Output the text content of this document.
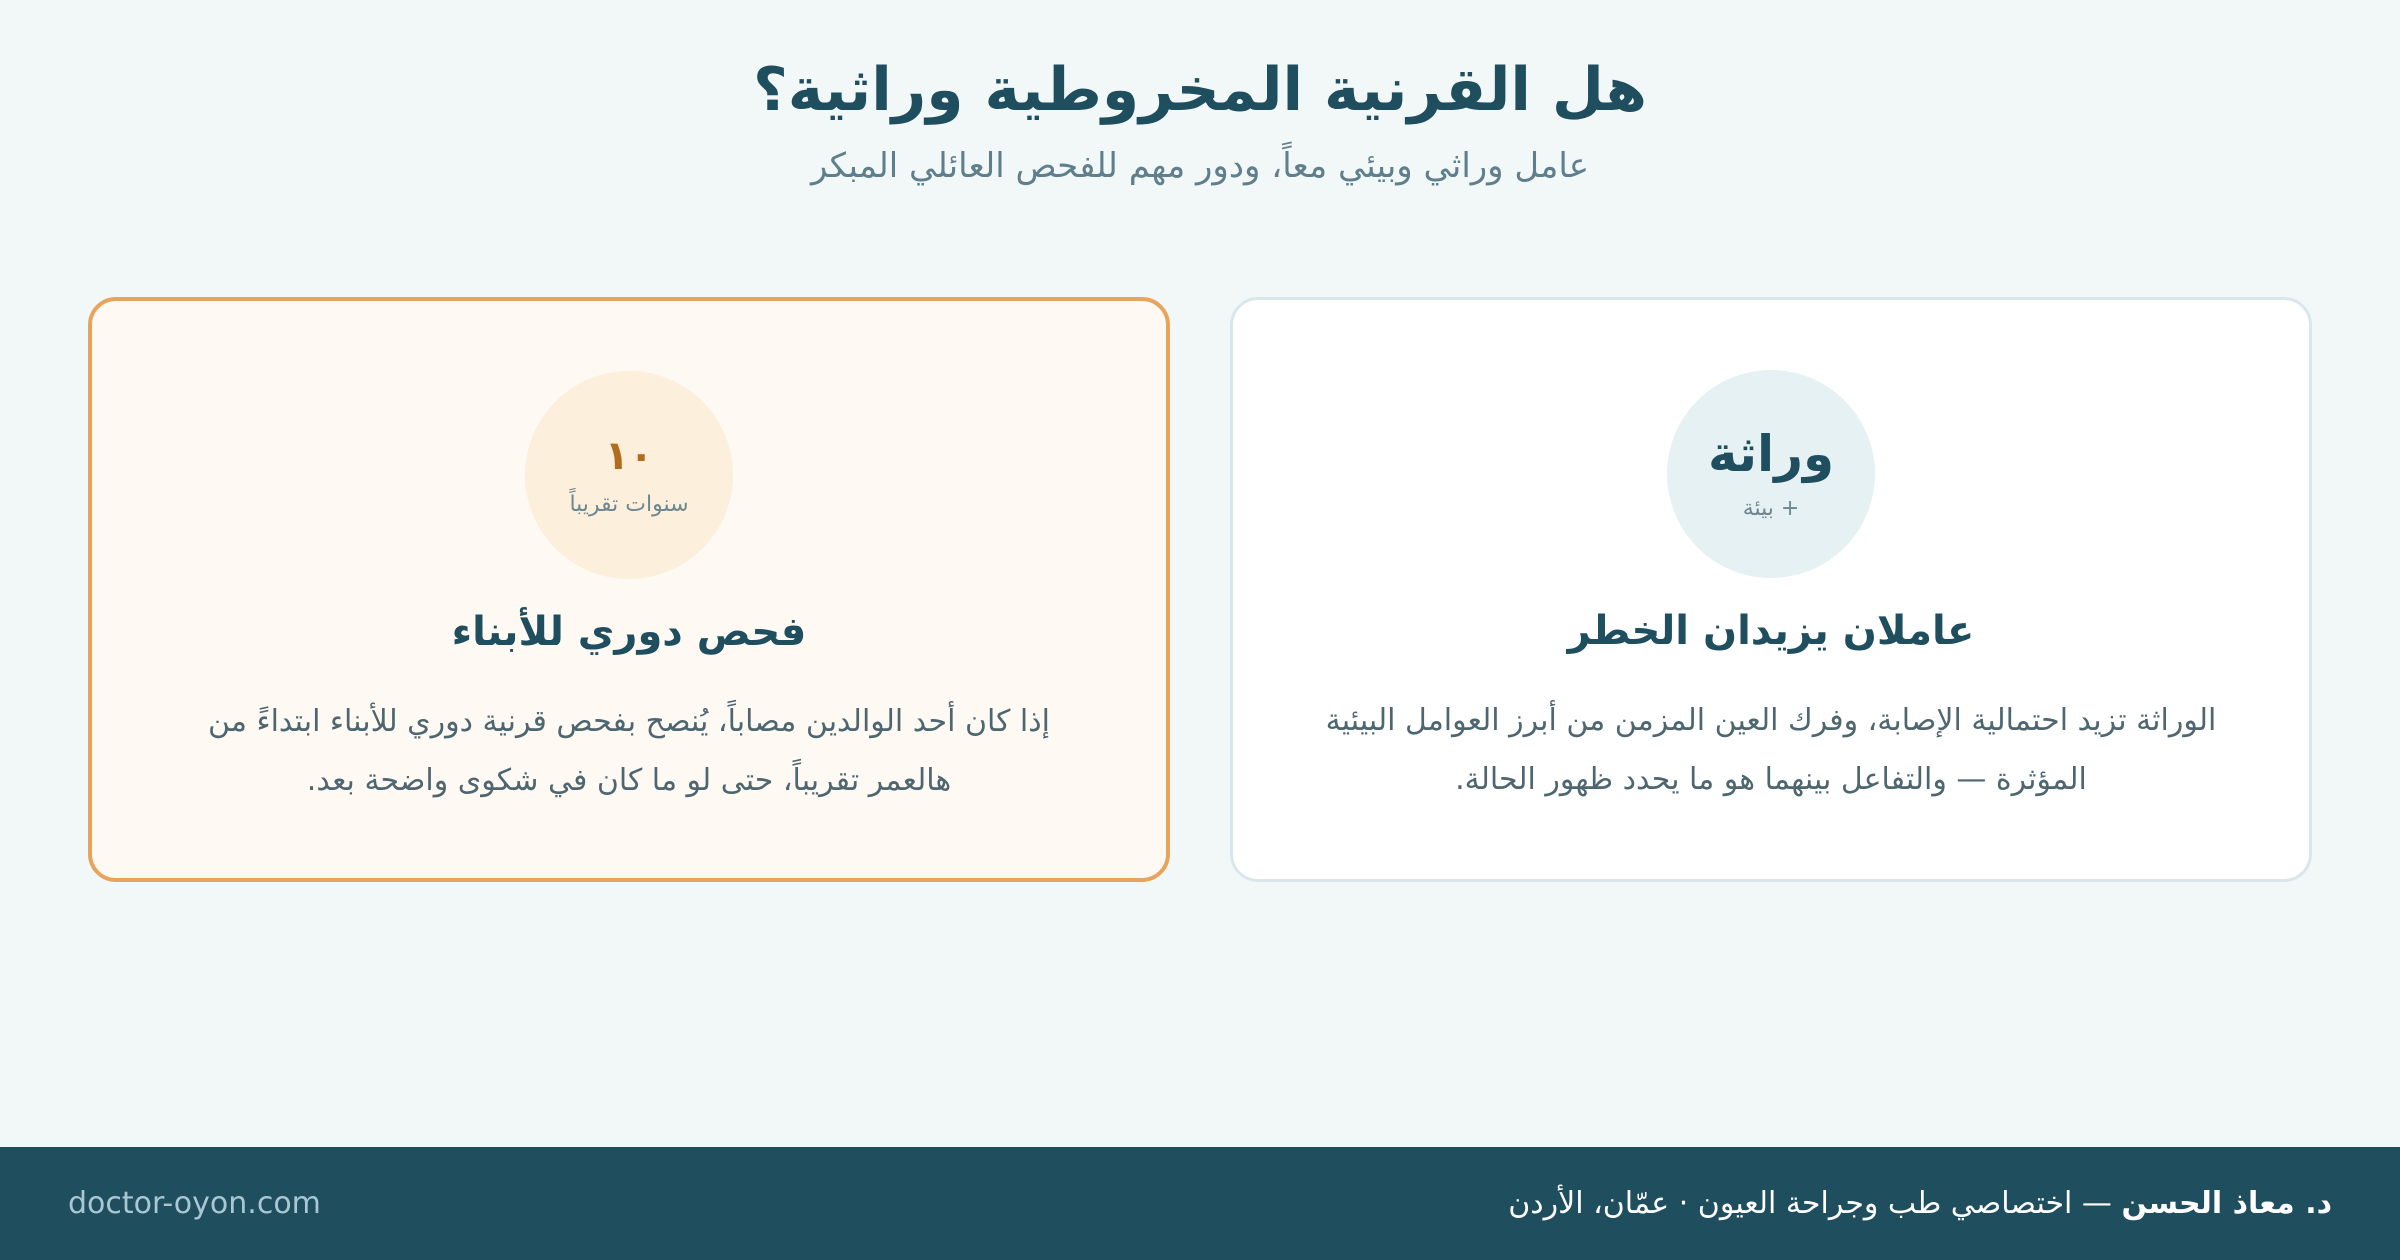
هل القرنية المخروطية وراثية؟

عامل وراثي وبيئي معاً، ودور مهم للفحص العائلي المبكر

وراثة
+ بيئة
عاملان يزيدان الخطر

الوراثة تزيد احتمالية الإصابة، وفرك العين المزمن من أبرز العوامل البيئية المؤثرة — والتفاعل بينهما هو ما يحدد ظهور الحالة.

١٠
سنوات تقريباً
فحص دوري للأبناء

إذا كان أحد الوالدين مصاباً، يُنصح بفحص قرنية دوري للأبناء ابتداءً من هالعمر تقريباً، حتى لو ما كان في شكوى واضحة بعد.

د. معاذ الحسن — اختصاصي طب وجراحة العيون · عمّان، الأردن

doctor-oyon.com
